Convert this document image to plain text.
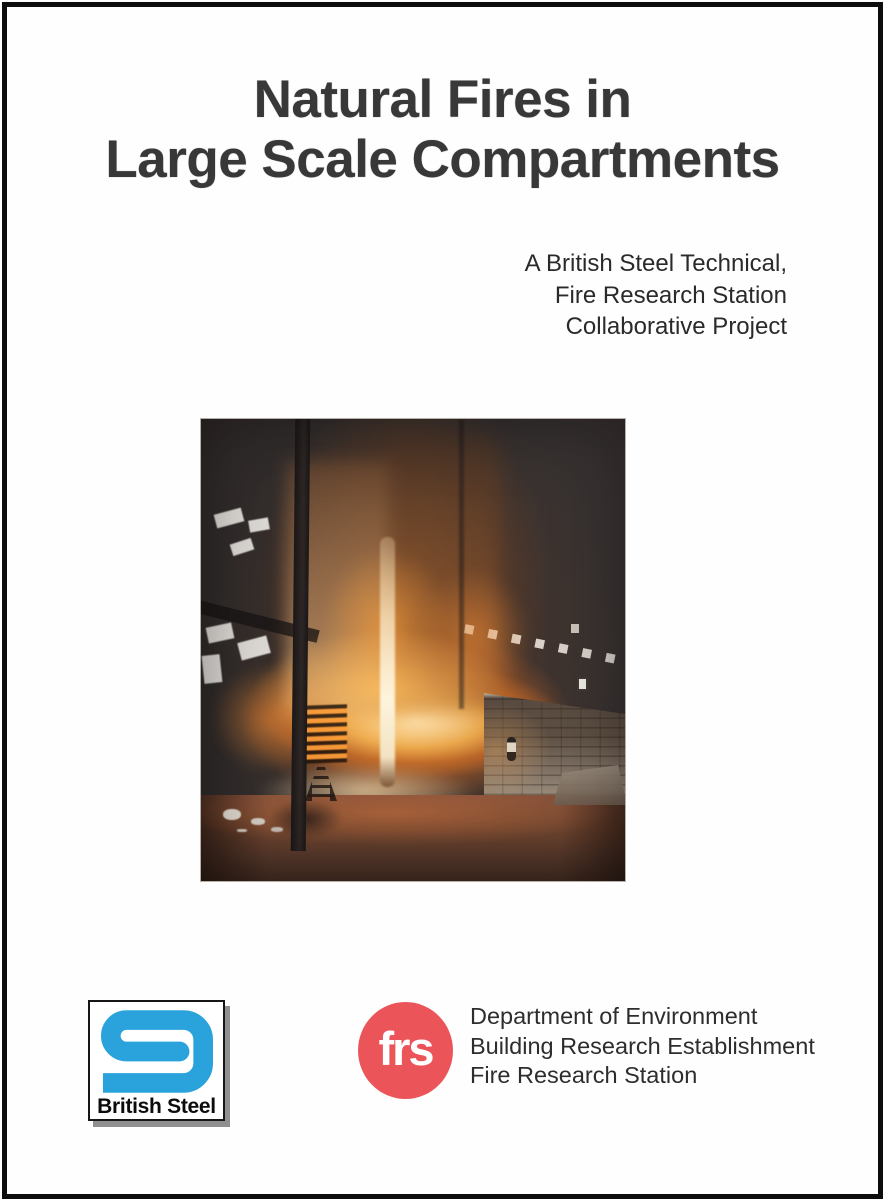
Natural Fires in
Large Scale Compartments
A British Steel Technical,
Fire Research Station
Collaborative Project
British Steel
frs
Department of Environment
Building Research Establishment
Fire Research Station
